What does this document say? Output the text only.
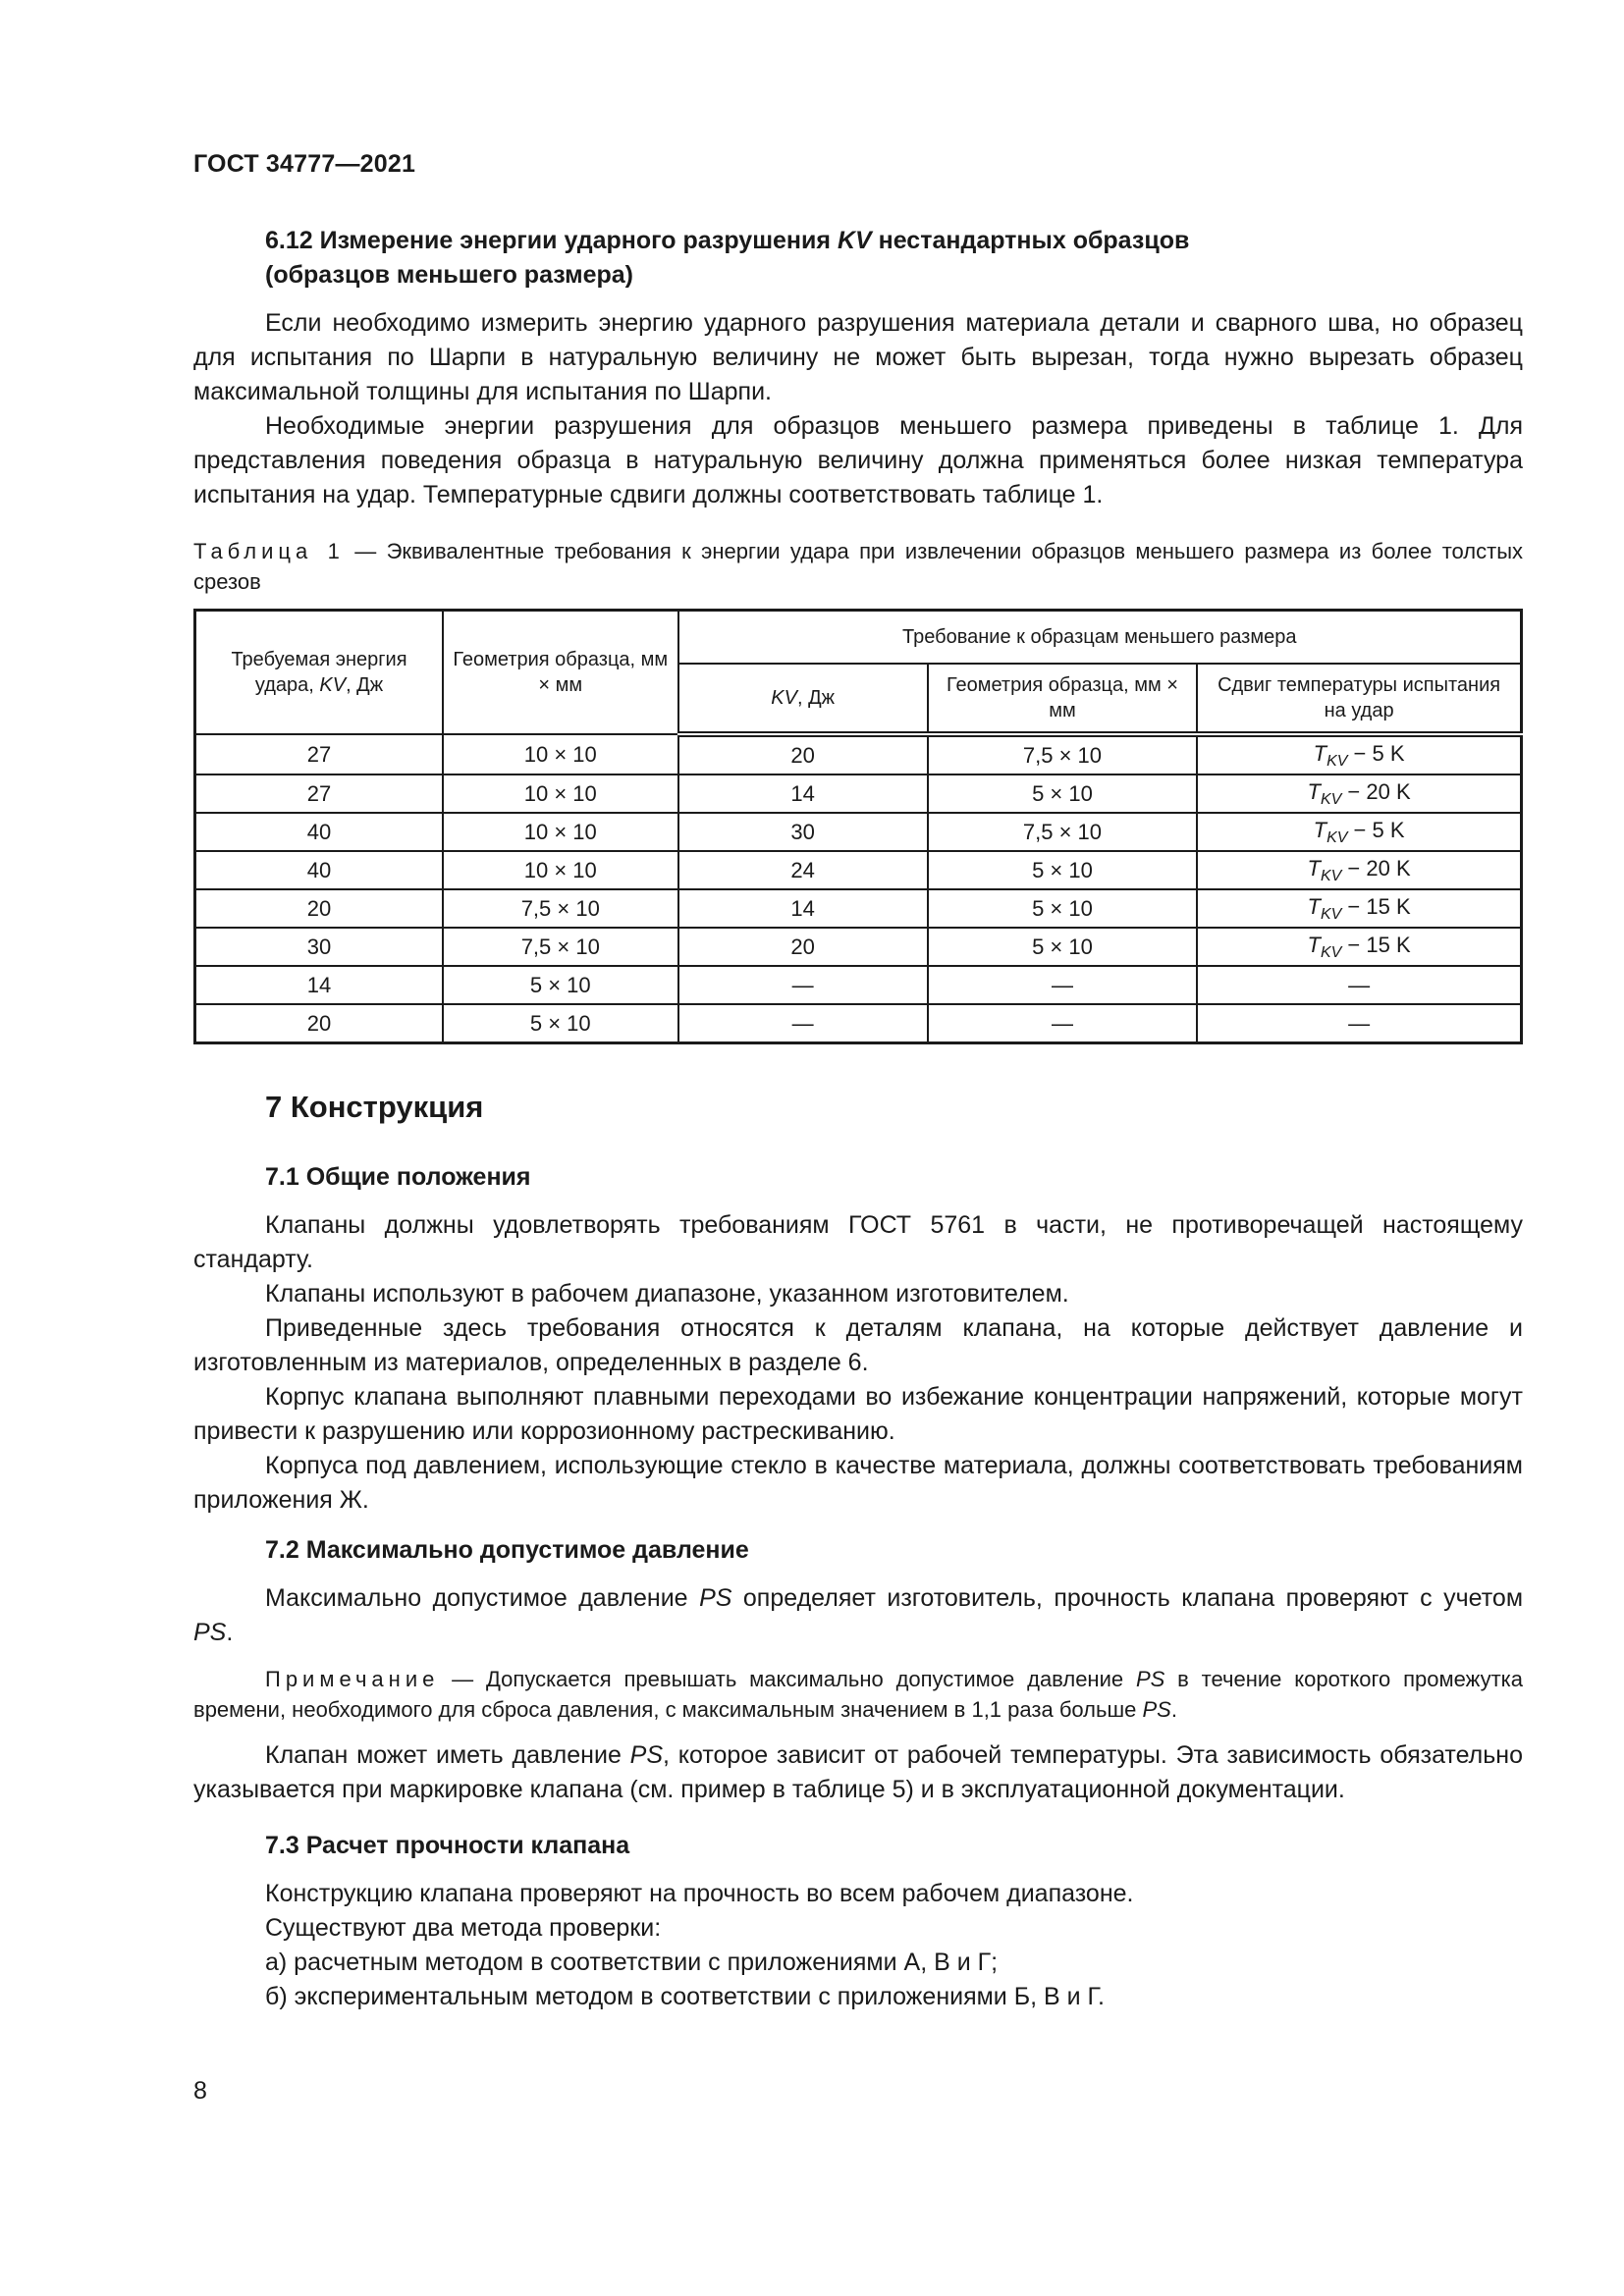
ГОСТ 34777—2021
6.12 Измерение энергии ударного разрушения KV нестандартных образцов
(образцов меньшего размера)

Если необходимо измерить энергию ударного разрушения материала детали и сварного шва, но образец для испытания по Шарпи в натуральную величину не может быть вырезан, тогда нужно вырезать образец максимальной толщины для испытания по Шарпи.

Необходимые энергии разрушения для образцов меньшего размера приведены в таблице 1. Для представления поведения образца в натуральную величину должна применяться более низкая температура испытания на удар. Температурные сдвиги должны соответствовать таблице 1.

Таблица 1 — Эквивалентные требования к энергии удара при извлечении образцов меньшего размера из более толстых срезов
Требуемая энергия удара, KV, Дж	Геометрия образца, мм × мм	Требование к образцам меньшего размера		
		KV, Дж	Геометрия образца, мм × мм	Сдвиг температуры испытания на удар
27	10 × 10	20	7,5 × 10	$T_{KV} - 5$ K
27	10 × 10	14	5 × 10	$T_{KV} - 20$ K
40	10 × 10	30	7,5 × 10	$T_{KV} - 5$ K
40	10 × 10	24	5 × 10	$T_{KV} - 20$ K
20	7,5 × 10	14	5 × 10	$T_{KV} - 15$ K
30	7,5 × 10	20	5 × 10	$T_{KV} - 15$ K
14	5 × 10	—	—	—
20	5 × 10	—	—	—
7 Конструкция
7.1 Общие положения

Клапаны должны удовлетворять требованиям ГОСТ 5761 в части, не противоречащей настоящему стандарту.

Клапаны используют в рабочем диапазоне, указанном изготовителем.

Приведенные здесь требования относятся к деталям клапана, на которые действует давление и изготовленным из материалов, определенных в разделе 6.

Корпус клапана выполняют плавными переходами во избежание концентрации напряжений, которые могут привести к разрушению или коррозионному растрескиванию.

Корпуса под давлением, использующие стекло в качестве материала, должны соответствовать требованиям приложения Ж.

7.2 Максимально допустимое давление

Максимально допустимое давление PS определяет изготовитель, прочность клапана проверяют с учетом PS.

Примечание — Допускается превышать максимально допустимое давление PS в течение короткого промежутка времени, необходимого для сброса давления, с максимальным значением в 1,1 раза больше PS.

Клапан может иметь давление PS, которое зависит от рабочей температуры. Эта зависимость обязательно указывается при маркировке клапана (см. пример в таблице 5) и в эксплуатационной документации.

7.3 Расчет прочности клапана

Конструкцию клапана проверяют на прочность во всем рабочем диапазоне.

Существуют два метода проверки:

а) расчетным методом в соответствии с приложениями А, В и Г;
б) экспериментальным методом в соответствии с приложениями Б, В и Г.
8
